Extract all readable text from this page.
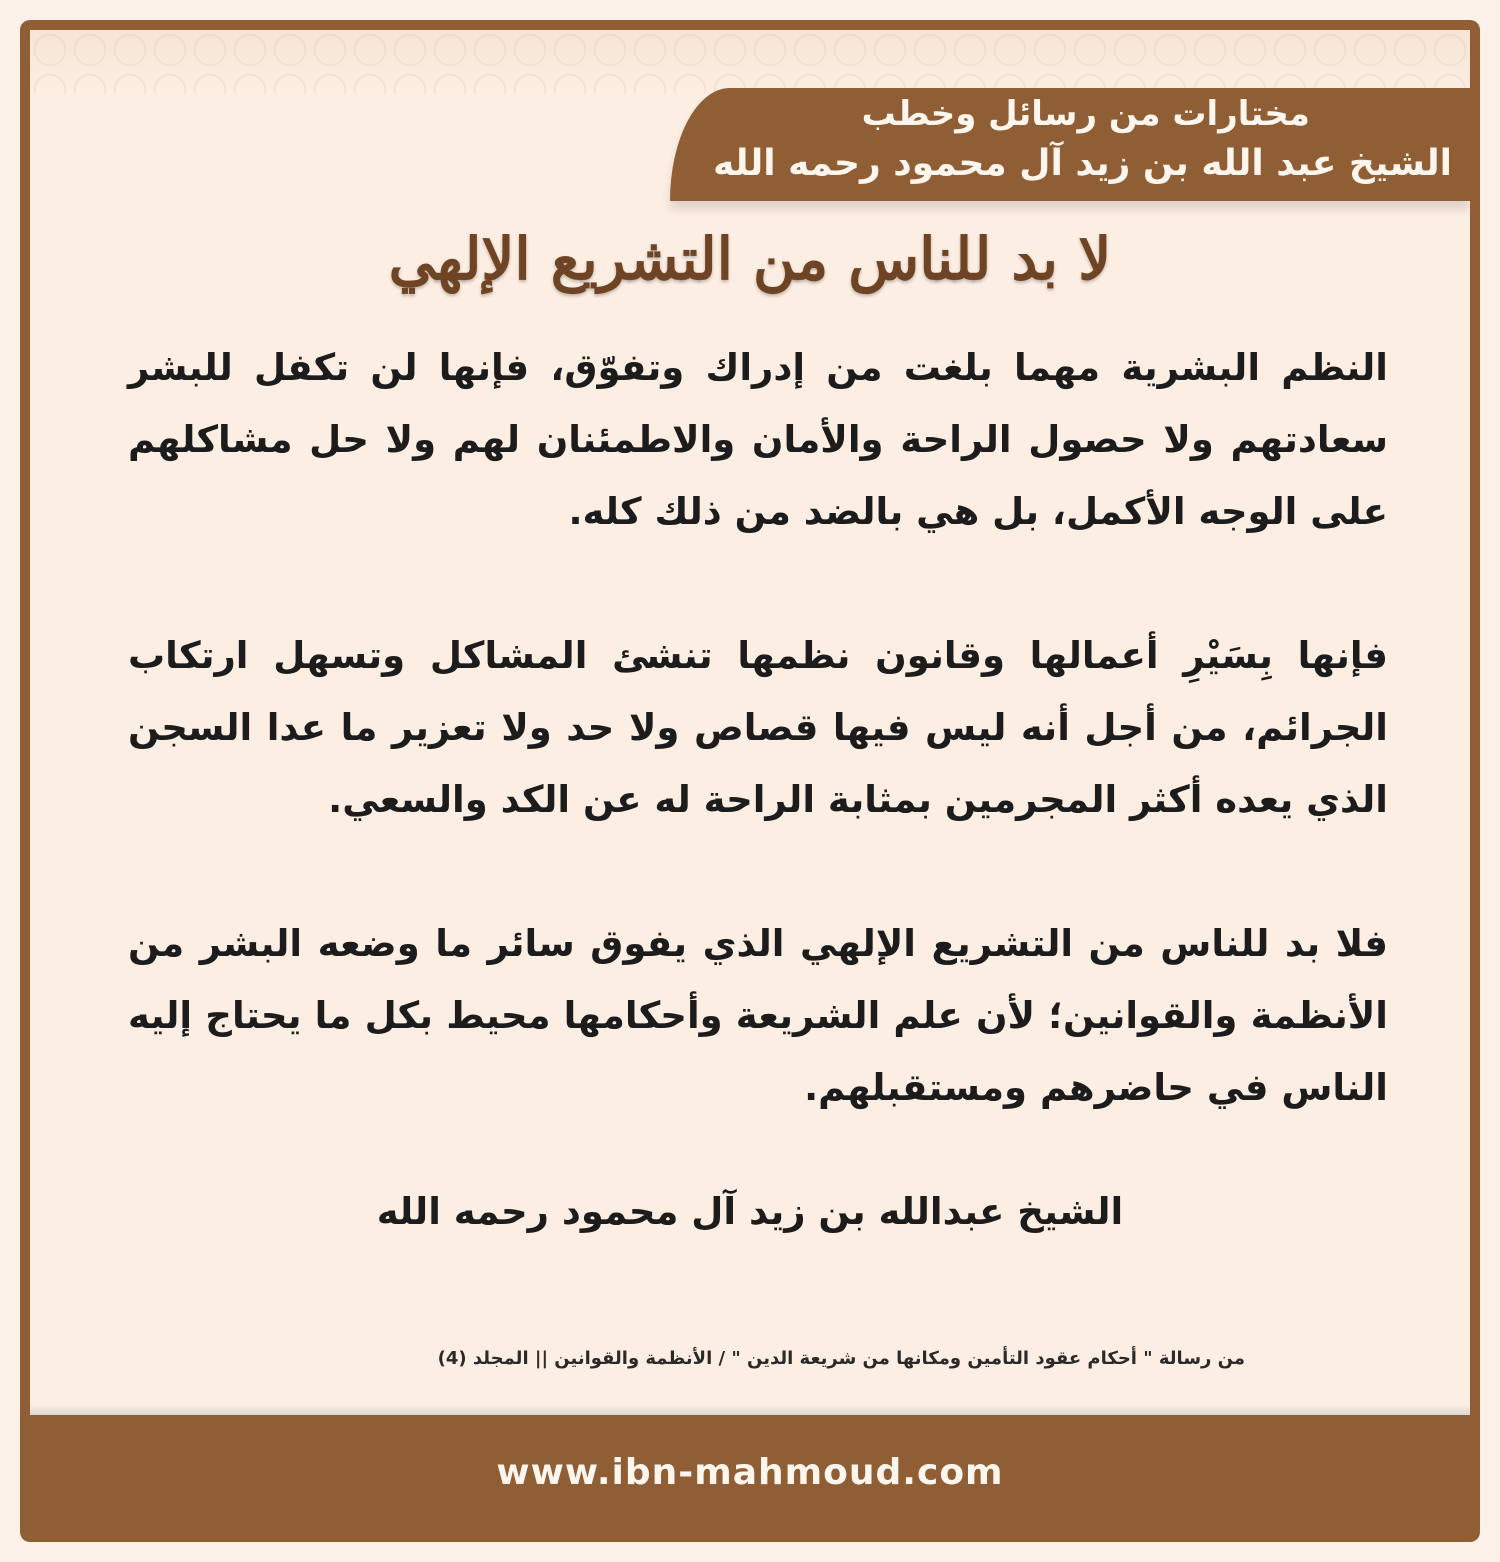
مختارات من رسائل وخطب
الشيخ عبد الله بن زيد آل محمود رحمه الله
لا بد للناس من التشريع الإلهي

النظم البشرية مهما بلغت من إدراك وتفوّق، فإنها لن تكفل للبشر سعادتهم ولا حصول الراحة والأمان والاطمئنان لهم ولا حل مشاكلهم على الوجه الأكمل، بل هي بالضد من ذلك كله.

فإنها بِسَيْرِ أعمالها وقانون نظمها تنشئ المشاكل وتسهل ارتكاب الجرائم، من أجل أنه ليس فيها قصاص ولا حد ولا تعزير ما عدا السجن الذي يعده أكثر المجرمين بمثابة الراحة له عن الكد والسعي.

فلا بد للناس من التشريع الإلهي الذي يفوق سائر ما وضعه البشر من الأنظمة والقوانين؛ لأن علم الشريعة وأحكامها محيط بكل ما يحتاج إليه الناس في حاضرهم ومستقبلهم.

الشيخ عبدالله بن زيد آل محمود رحمه الله
من رسالة " أحكام عقود التأمين ومكانها من شريعة الدين " / الأنظمة والقوانين || المجلد (4)
www.ibn-mahmoud.com
